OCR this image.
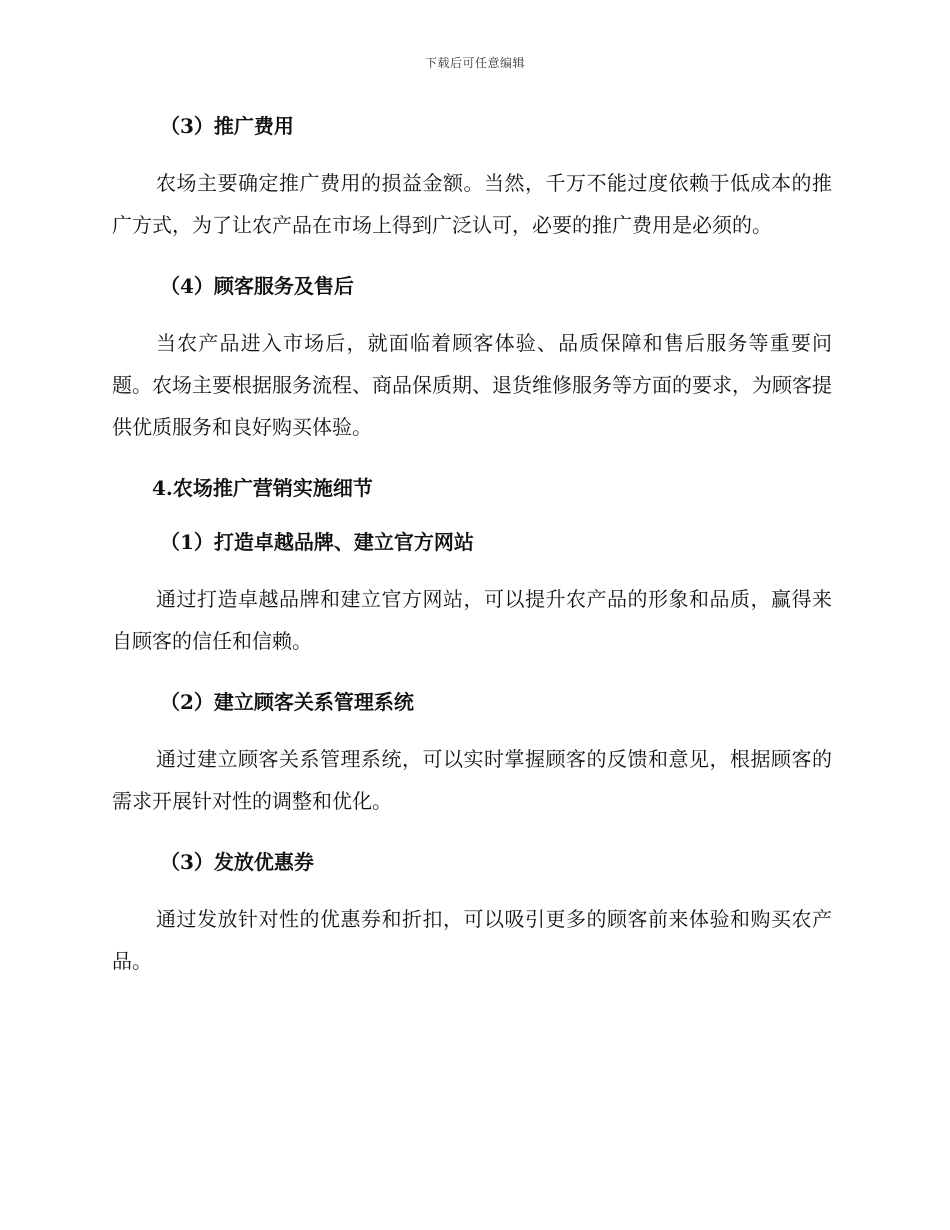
下载后可任意编辑

（3）推广费用

农场主要确定推广费用的损益金额。当然，千万不能过度依赖于低成本的推广方式，为了让农产品在市场上得到广泛认可，必要的推广费用是必须的。

（4）顾客服务及售后

当农产品进入市场后，就面临着顾客体验、品质保障和售后服务等重要问题。农场主要根据服务流程、商品保质期、退货维修服务等方面的要求，为顾客提供优质服务和良好购买体验。

4.农场推广营销实施细节

（1）打造卓越品牌、建立官方网站

通过打造卓越品牌和建立官方网站，可以提升农产品的形象和品质，赢得来自顾客的信任和信赖。

（2）建立顾客关系管理系统

通过建立顾客关系管理系统，可以实时掌握顾客的反馈和意见，根据顾客的需求开展针对性的调整和优化。

（3）发放优惠券

通过发放针对性的优惠券和折扣，可以吸引更多的顾客前来体验和购买农产品。
